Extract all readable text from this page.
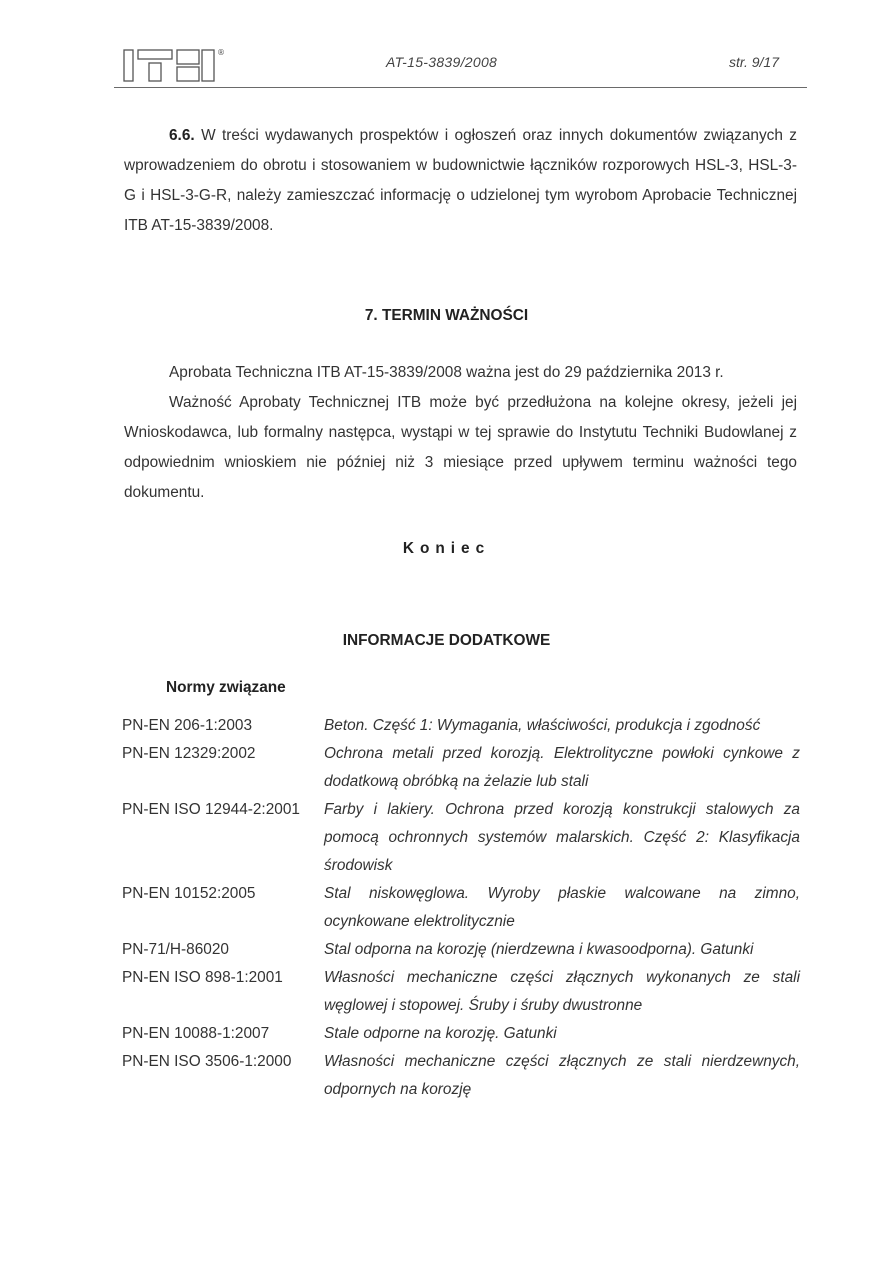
®
AT-15-3839/2008	str. 9/17
6.6. W treści wydawanych prospektów i ogłoszeń oraz innych dokumentów związanych z wprowadzeniem do obrotu i stosowaniem w budownictwie łączników rozporowych HSL-3, HSL-3-G i HSL-3-G-R, należy zamieszczać informację o udzielonej tym wyrobom Aprobacie Technicznej ITB AT-15-3839/2008.
7. TERMIN WAŻNOŚCI
Aprobata Techniczna ITB AT-15-3839/2008 ważna jest do 29 października 2013 r.
Ważność Aprobaty Technicznej ITB może być przedłużona na kolejne okresy, jeżeli jej Wnioskodawca, lub formalny następca, wystąpi w tej sprawie do Instytutu Techniki Budowlanej z odpowiednim wnioskiem nie później niż 3 miesiące przed upływem terminu ważności tego dokumentu.
Koniec
INFORMACJE DODATKOWE
Normy związane
PN-EN 206-1:2003	Beton. Część 1: Wymagania, właściwości, produkcja i zgodność
PN-EN 12329:2002	Ochrona metali przed korozją. Elektrolityczne powłoki cynkowe z dodatkową obróbką na żelazie lub stali
PN-EN ISO 12944-2:2001	Farby i lakiery. Ochrona przed korozją konstrukcji stalowych za pomocą ochronnych systemów malarskich. Część 2: Klasyfikacja środowisk
PN-EN 10152:2005	Stal niskowęglowa. Wyroby płaskie walcowane na zimno, ocynkowane elektrolitycznie
PN-71/H-86020	Stal odporna na korozję (nierdzewna i kwasoodporna). Gatunki
PN-EN ISO 898-1:2001	Własności mechaniczne części złącznych wykonanych ze stali węglowej i stopowej. Śruby i śruby dwustronne
PN-EN 10088-1:2007	Stale odporne na korozję. Gatunki
PN-EN ISO 3506-1:2000	Własności mechaniczne części złącznych ze stali nierdzewnych, odpornych na korozję
